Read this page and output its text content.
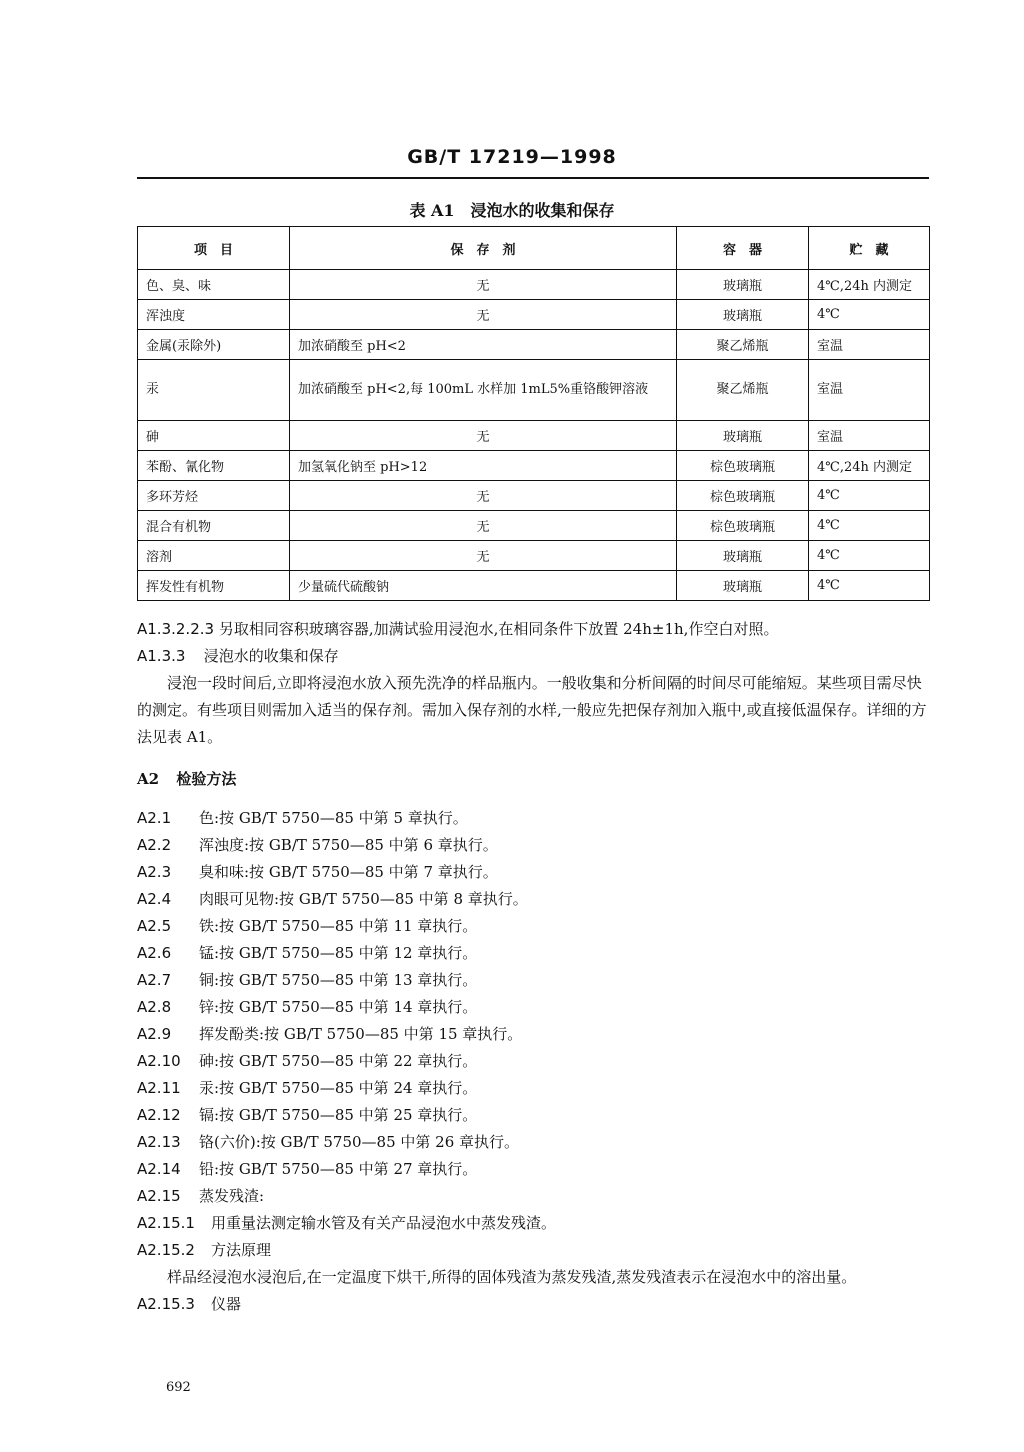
GB/T 17219—1998
表 A1　浸泡水的收集和保存
项　目	保　存　剂	容　器	贮　藏
色、臭、味	无	玻璃瓶	4℃,24h 内测定
浑浊度	无	玻璃瓶	4℃
金属(汞除外)	加浓硝酸至 pH<2	聚乙烯瓶	室温
汞	加浓硝酸至 pH<2,每 100mL 水样加 1mL5%重铬酸钾溶液	聚乙烯瓶	室温
砷	无	玻璃瓶	室温
苯酚、氰化物	加氢氧化钠至 pH>12	棕色玻璃瓶	4℃,24h 内测定
多环芳烃	无	棕色玻璃瓶	4℃
混合有机物	无	棕色玻璃瓶	4℃
溶剂	无	玻璃瓶	4℃
挥发性有机物	少量硫代硫酸钠	玻璃瓶	4℃

A1.3.2.2.3 另取相同容积玻璃容器,加满试验用浸泡水,在相同条件下放置 24h±1h,作空白对照。

A1.3.3 浸泡水的收集和保存

浸泡一段时间后,立即将浸泡水放入预先洗净的样品瓶内。一般收集和分析间隔的时间尽可能缩短。某些项目需尽快的测定。有些项目则需加入适当的保存剂。需加入保存剂的水样,一般应先把保存剂加入瓶中,或直接低温保存。详细的方法见表 A1。

A2 检验方法

A2.1 色:按 GB/T 5750—85 中第 5 章执行。

A2.2 浑浊度:按 GB/T 5750—85 中第 6 章执行。

A2.3 臭和味:按 GB/T 5750—85 中第 7 章执行。

A2.4 肉眼可见物:按 GB/T 5750—85 中第 8 章执行。

A2.5 铁:按 GB/T 5750—85 中第 11 章执行。

A2.6 锰:按 GB/T 5750—85 中第 12 章执行。

A2.7 铜:按 GB/T 5750—85 中第 13 章执行。

A2.8 锌:按 GB/T 5750—85 中第 14 章执行。

A2.9 挥发酚类:按 GB/T 5750—85 中第 15 章执行。

A2.10 砷:按 GB/T 5750—85 中第 22 章执行。

A2.11 汞:按 GB/T 5750—85 中第 24 章执行。

A2.12 镉:按 GB/T 5750—85 中第 25 章执行。

A2.13 铬(六价):按 GB/T 5750—85 中第 26 章执行。

A2.14 铅:按 GB/T 5750—85 中第 27 章执行。

A2.15 蒸发残渣:

A2.15.1 用重量法测定输水管及有关产品浸泡水中蒸发残渣。

A2.15.2 方法原理

样品经浸泡水浸泡后,在一定温度下烘干,所得的固体残渣为蒸发残渣,蒸发残渣表示在浸泡水中的溶出量。

A2.15.3 仪器

692
